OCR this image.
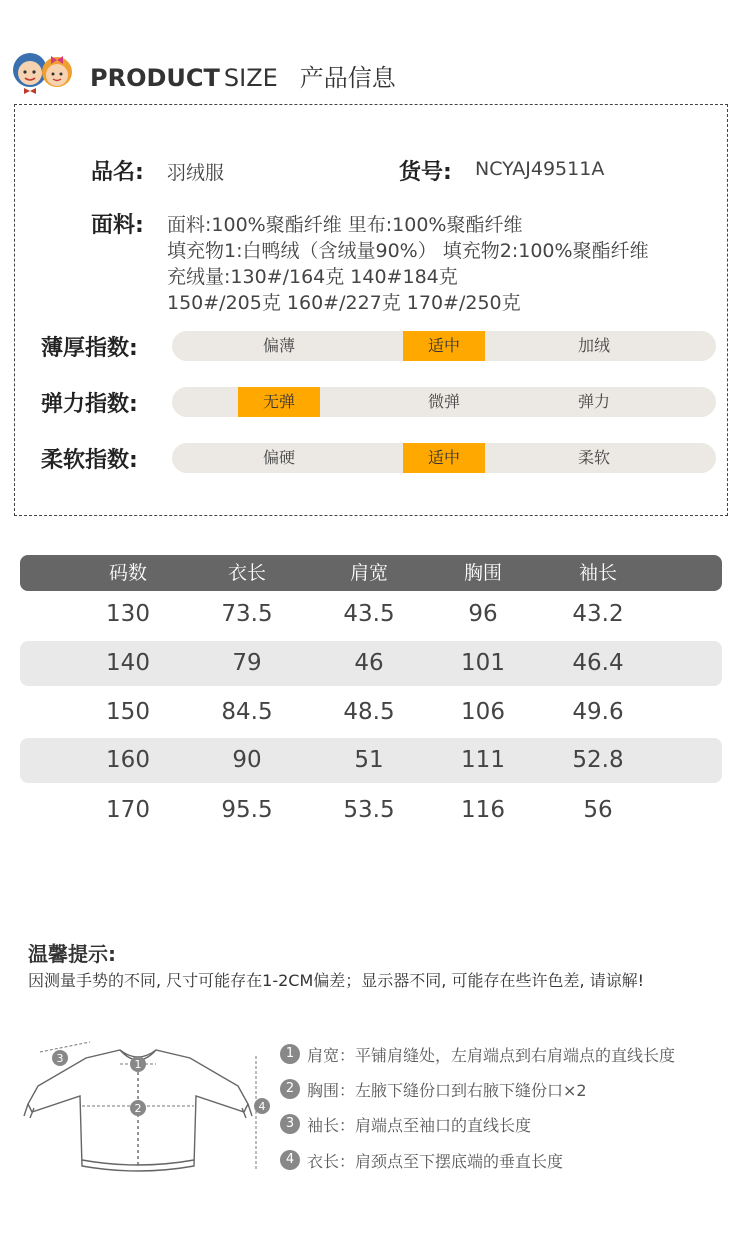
PRODUCT SIZE 产品信息
品名: 羽绒服	货号: NCYAJ49511A
面料: 面料:100%聚酯纤维 里布:100%聚酯纤维
填充物1:白鸭绒（含绒量90%） 填充物2:100%聚酯纤维
充绒量:130#/164克 140#184克
150#/205克 160#/227克 170#/250克
薄厚指数:	偏薄	适中	加绒
弹力指数:	无弹	微弹	弹力
柔软指数:	偏硬	适中	柔软
码数	衣长	肩宽	胸围	袖长
130	73.5	43.5	96	43.2
140	79	46	101	46.4
150	84.5	48.5	106	49.6
160	90	51	111	52.8
170	95.5	53.5	116	56
温馨提示:
因测量手势的不同, 尺寸可能存在1-2CM偏差；显示器不同, 可能存在些许色差, 请谅解!
1
2
3
4
1 肩宽：平铺肩缝处，左肩端点到右肩端点的直线长度
2 胸围：左腋下缝份口到右腋下缝份口×2
3 袖长：肩端点至袖口的直线长度
4 衣长：肩颈点至下摆底端的垂直长度
